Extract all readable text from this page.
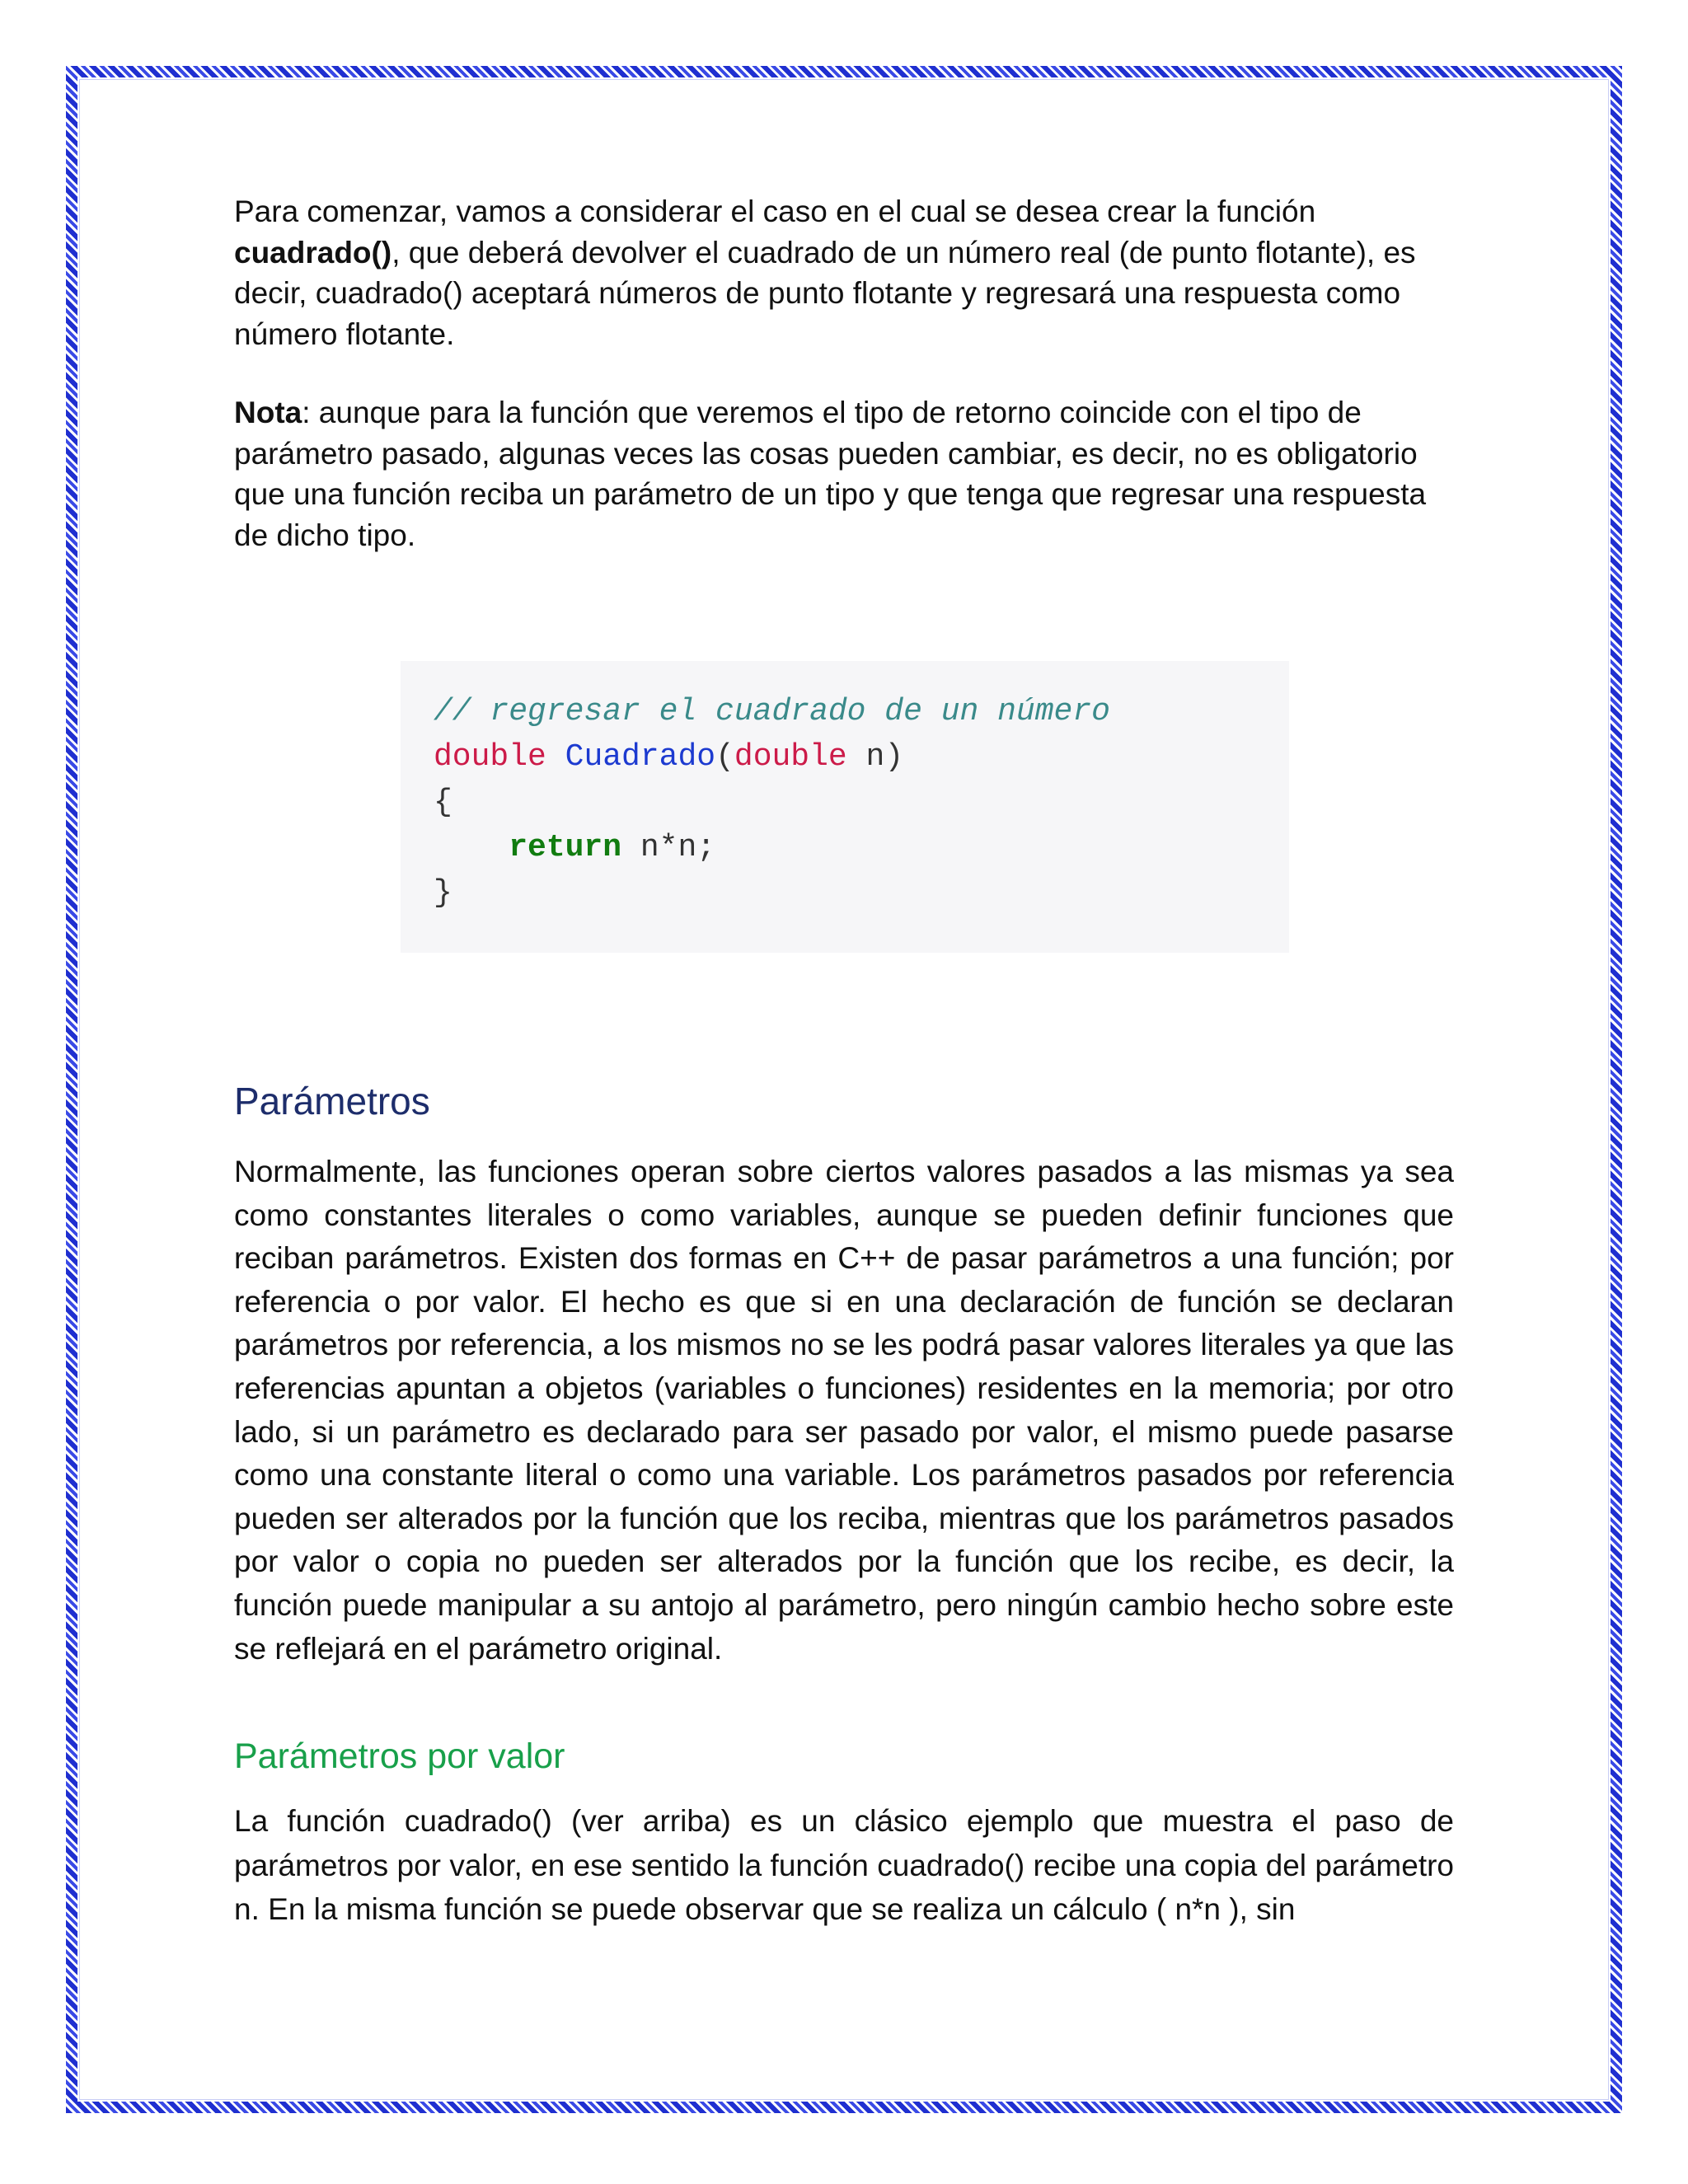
Para comenzar, vamos a considerar el caso en el cual se desea crear la función cuadrado(), que deberá devolver el cuadrado de un número real (de punto flotante), es decir, cuadrado() aceptará números de punto flotante y regresará una respuesta como número flotante.

Nota: aunque para la función que veremos el tipo de retorno coincide con el tipo de parámetro pasado, algunas veces las cosas pueden cambiar, es decir, no es obligatorio que una función reciba un parámetro de un tipo y que tenga que regresar una respuesta de dicho tipo.

// regresar el cuadrado de un número
double Cuadrado(double n)
{
return n*n;
}
Parámetros

Normalmente, las funciones operan sobre ciertos valores pasados a las mismas ya sea como constantes literales o como variables, aunque se pueden definir funciones que reciban parámetros. Existen dos formas en C++ de pasar parámetros a una función; por referencia o por valor. El hecho es que si en una declaración de función se declaran parámetros por referencia, a los mismos no se les podrá pasar valores literales ya que las referencias apuntan a objetos (variables o funciones) residentes en la memoria; por otro lado, si un parámetro es declarado para ser pasado por valor, el mismo puede pasarse como una constante literal o como una variable. Los parámetros pasados por referencia pueden ser alterados por la función que los reciba, mientras que los parámetros pasados por valor o copia no pueden ser alterados por la función que los recibe, es decir, la función puede manipular a su antojo al parámetro, pero ningún cambio hecho sobre este se reflejará en el parámetro original.

Parámetros por valor

La función cuadrado() (ver arriba) es un clásico ejemplo que muestra el paso de parámetros por valor, en ese sentido la función cuadrado() recibe una copia del parámetro n. En la misma función se puede observar que se realiza un cálculo ( n*n ), sin
